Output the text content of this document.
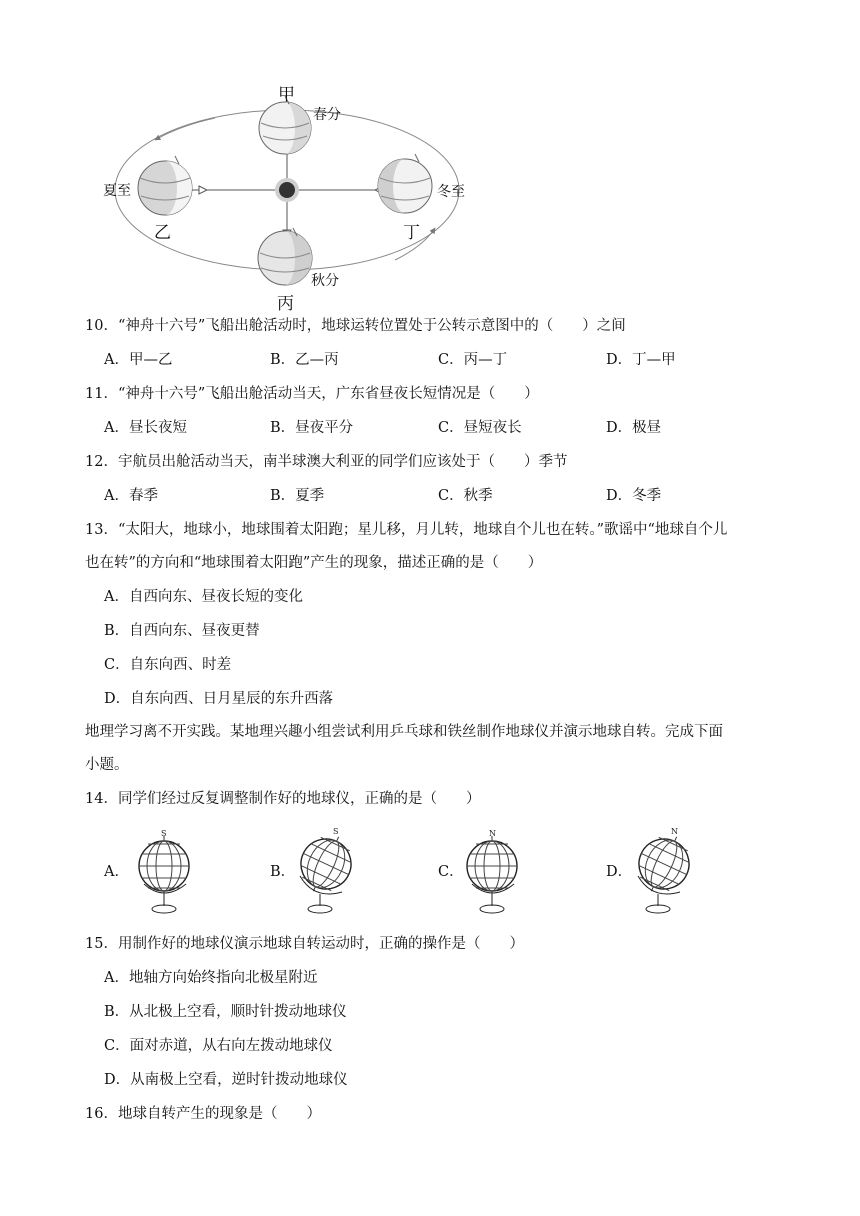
甲
春分
夏至
乙
冬至
丁
秋分
丙
10．“神舟十六号”飞船出舱活动时，地球运转位置处于公转示意图中的（　　）之间
A．甲—乙	B．乙—丙	C．丙—丁	D．丁—甲
11．“神舟十六号”飞船出舱活动当天，广东省昼夜长短情况是（　　）
A．昼长夜短	B．昼夜平分	C．昼短夜长	D．极昼
12．宇航员出舱活动当天，南半球澳大利亚的同学们应该处于（　　）季节
A．春季	B．夏季	C．秋季	D．冬季
13．“太阳大，地球小，地球围着太阳跑；星儿移，月儿转，地球自个儿也在转。”歌谣中“地球自个儿
也在转”的方向和“地球围着太阳跑”产生的现象，描述正确的是（　　）
A．自西向东、昼夜长短的变化
B．自西向东、昼夜更替
C．自东向西、时差
D．自东向西、日月星辰的东升西落
地理学习离不开实践。某地理兴趣小组尝试利用乒乓球和铁丝制作地球仪并演示地球自转。完成下面
小题。
14．同学们经过反复调整制作好的地球仪，正确的是（　　）
A．
S
B．
S
C．
N
D．
N
15．用制作好的地球仪演示地球自转运动时，正确的操作是（　　）
A．地轴方向始终指向北极星附近
B．从北极上空看，顺时针拨动地球仪
C．面对赤道，从右向左拨动地球仪
D．从南极上空看，逆时针拨动地球仪
16．地球自转产生的现象是（　　）
